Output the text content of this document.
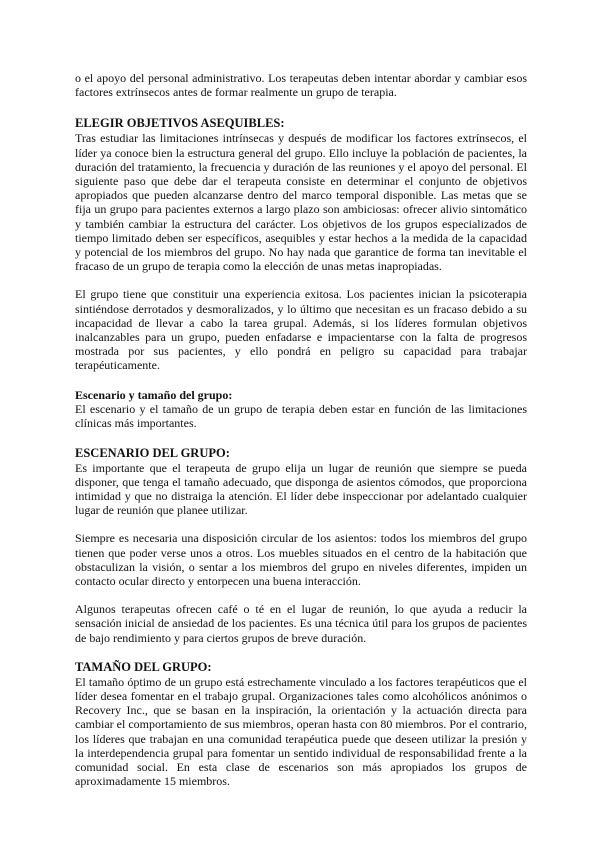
o el apoyo del personal administrativo. Los terapeutas deben intentar abordar y cambiar esos factores extrínsecos antes de formar realmente un grupo de terapia.

ELEGIR OBJETIVOS ASEQUIBLES:

Tras estudiar las limitaciones intrínsecas y después de modificar los factores extrínsecos, el líder ya conoce bien la estructura general del grupo. Ello incluye la población de pacientes, la duración del tratamiento, la frecuencia y duración de las reuniones y el apoyo del personal. El siguiente paso que debe dar el terapeuta consiste en determinar el conjunto de objetivos apropiados que pueden alcanzarse dentro del marco temporal disponible. Las metas que se fija un grupo para pacientes externos a largo plazo son ambiciosas: ofrecer alivio sintomático y también cambiar la estructura del carácter. Los objetivos de los grupos especializados de tiempo limitado deben ser específicos, asequibles y estar hechos a la medida de la capacidad y potencial de los miembros del grupo. No hay nada que garantice de forma tan inevitable el fracaso de un grupo de terapia como la elección de unas metas inapropiadas.

El grupo tiene que constituir una experiencia exitosa. Los pacientes inician la psicoterapia sintiéndose derrotados y desmoralizados, y lo último que necesitan es un fracaso debido a su incapacidad de llevar a cabo la tarea grupal. Además, si los líderes formulan objetivos inalcanzables para un grupo, pueden enfadarse e impacientarse con la falta de progresos mostrada por sus pacientes, y ello pondrá en peligro su capacidad para trabajar terapéuticamente.

Escenario y tamaño del grupo:

El escenario y el tamaño de un grupo de terapia deben estar en función de las limitaciones clínicas más importantes.

ESCENARIO DEL GRUPO:

Es importante que el terapeuta de grupo elija un lugar de reunión que siempre se pueda disponer, que tenga el tamaño adecuado, que disponga de asientos cómodos, que proporciona intimidad y que no distraiga la atención. El líder debe inspeccionar por adelantado cualquier lugar de reunión que planee utilizar.

Siempre es necesaria una disposición circular de los asientos: todos los miembros del grupo tienen que poder verse unos a otros. Los muebles situados en el centro de la habitación que obstaculizan la visión, o sentar a los miembros del grupo en niveles diferentes, impiden un contacto ocular directo y entorpecen una buena interacción.

Algunos terapeutas ofrecen café o té en el lugar de reunión, lo que ayuda a reducir la sensación inicial de ansiedad de los pacientes. Es una técnica útil para los grupos de pacientes de bajo rendimiento y para ciertos grupos de breve duración.

TAMAÑO DEL GRUPO:

El tamaño óptimo de un grupo está estrechamente vinculado a los factores terapéuticos que el líder desea fomentar en el trabajo grupal. Organizaciones tales como alcohólicos anónimos o Recovery Inc., que se basan en la inspiración, la orientación y la actuación directa para cambiar el comportamiento de sus miembros, operan hasta con 80 miembros. Por el contrario, los líderes que trabajan en una comunidad terapéutica puede que deseen utilizar la presión y la interdependencia grupal para fomentar un sentido individual de responsabilidad frente a la comunidad social. En esta clase de escenarios son más apropiados los grupos de aproximadamente 15 miembros.
